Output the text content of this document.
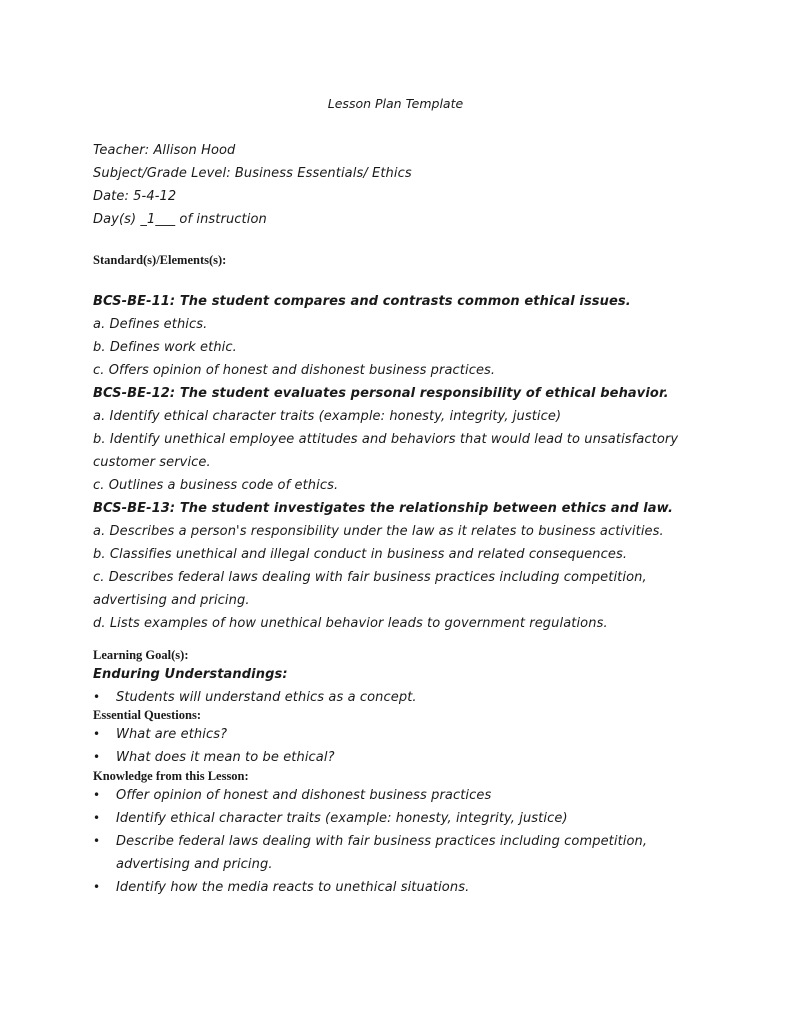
Lesson Plan Template
Teacher: Allison Hood
Subject/Grade Level: Business Essentials/ Ethics
Date: 5-4-12
Day(s) _1___ of instruction
Standard(s)/Elements(s):
BCS-BE-11: The student compares and contrasts common ethical issues.
a. Defines ethics.
b. Defines work ethic.
c. Offers opinion of honest and dishonest business practices.
BCS-BE-12: The student evaluates personal responsibility of ethical behavior.
a. Identify ethical character traits (example: honesty, integrity, justice)
b. Identify unethical employee attitudes and behaviors that would lead to unsatisfactory
customer service.
c. Outlines a business code of ethics.
BCS-BE-13: The student investigates the relationship between ethics and law.
a. Describes a person's responsibility under the law as it relates to business activities.
b. Classifies unethical and illegal conduct in business and related consequences.
c. Describes federal laws dealing with fair business practices including competition,
advertising and pricing.
d. Lists examples of how unethical behavior leads to government regulations.
Learning Goal(s):
Enduring Understandings:
• Students will understand ethics as a concept.
Essential Questions:
• What are ethics?
• What does it mean to be ethical?
Knowledge from this Lesson:
• Offer opinion of honest and dishonest business practices
• Identify ethical character traits (example: honesty, integrity, justice)
• Describe federal laws dealing with fair business practices including competition,
advertising and pricing.
• Identify how the media reacts to unethical situations.
